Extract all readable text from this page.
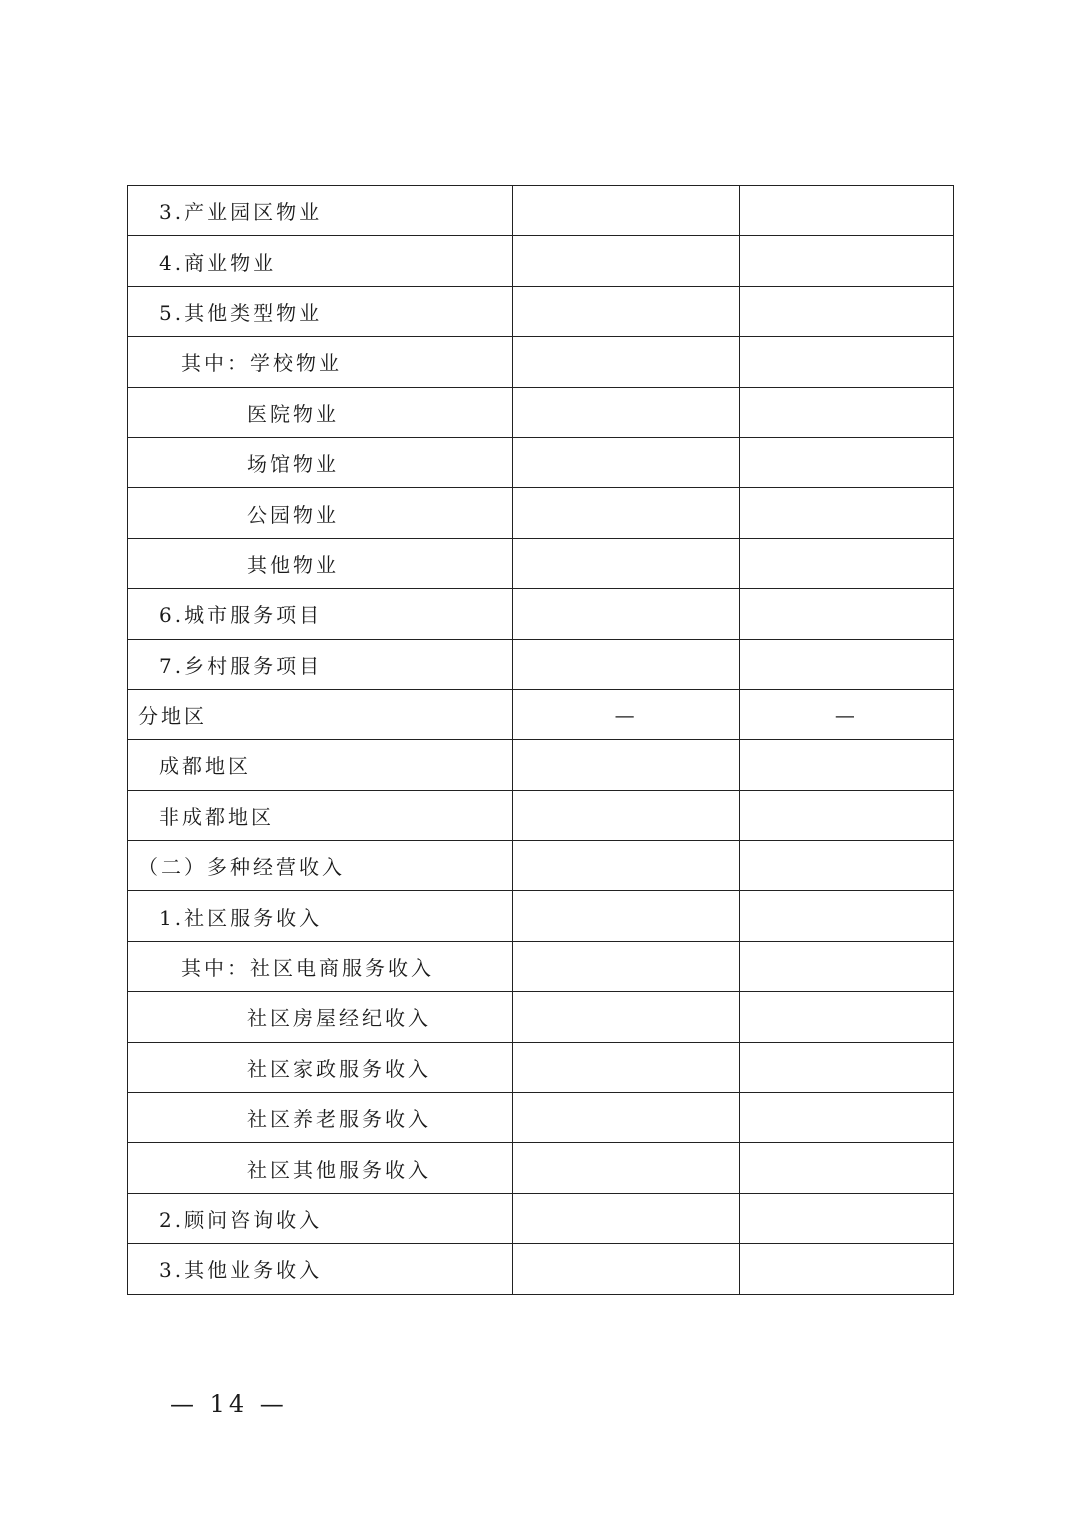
3.产业园区物业		
4.商业物业		
5.其他类型物业		
其中：学校物业		
医院物业		
场馆物业		
公园物业		
其他物业		
6.城市服务项目		
7.乡村服务项目		
分地区	—	—
成都地区		
非成都地区		
（二）多种经营收入		
1.社区服务收入		
其中：社区电商服务收入		
社区房屋经纪收入		
社区家政服务收入		
社区养老服务收入		
社区其他服务收入		
2.顾问咨询收入		
3.其他业务收入		
— 14 —
